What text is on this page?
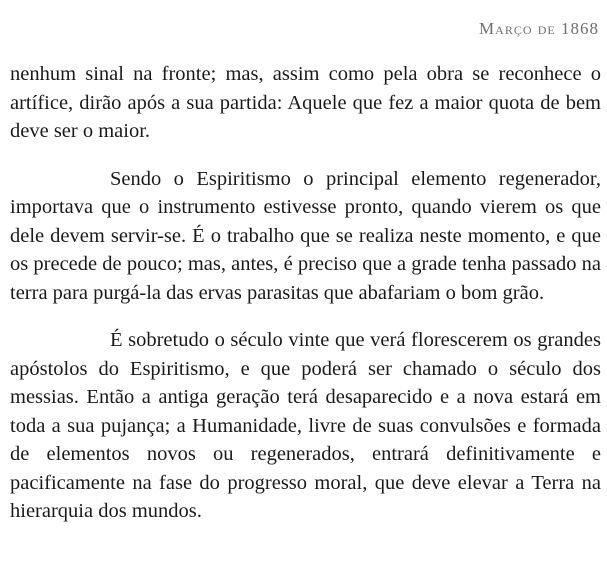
Março de 1868

nenhum sinal na fronte; mas, assim como pela obra se reconhece o artífice, dirão após a sua partida: Aquele que fez a maior quota de bem deve ser o maior.

Sendo o Espiritismo o principal elemento regenerador, importava que o instrumento estivesse pronto, quando vierem os que dele devem servir-se. É o trabalho que se realiza neste momento, e que os precede de pouco; mas, antes, é preciso que a grade tenha passado na terra para purgá-la das ervas parasitas que abafariam o bom grão.

É sobretudo o século vinte que verá florescerem os grandes apóstolos do Espiritismo, e que poderá ser chamado o século dos messias. Então a antiga geração terá desaparecido e a nova estará em toda a sua pujança; a Humanidade, livre de suas convulsões e formada de elementos novos ou regenerados, entrará definitivamente e pacificamente na fase do progresso moral, que deve elevar a Terra na hierarquia dos mundos.
